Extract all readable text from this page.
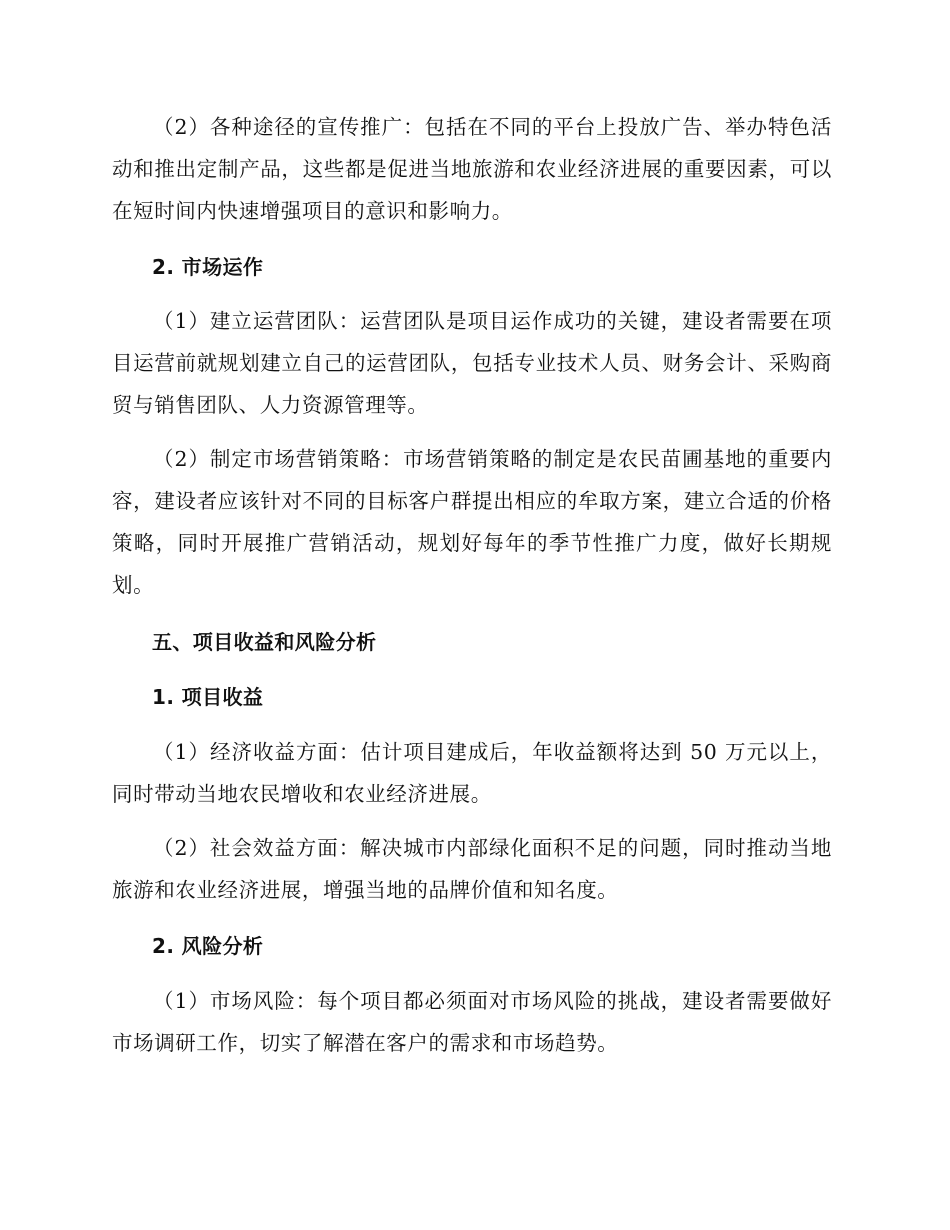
（2）各种途径的宣传推广：包括在不同的平台上投放广告、举办特色活动和推出定制产品，这些都是促进当地旅游和农业经济进展的重要因素，可以在短时间内快速增强项目的意识和影响力。

2. 市场运作

（1）建立运营团队：运营团队是项目运作成功的关键，建设者需要在项目运营前就规划建立自己的运营团队，包括专业技术人员、财务会计、采购商贸与销售团队、人力资源管理等。

（2）制定市场营销策略：市场营销策略的制定是农民苗圃基地的重要内容，建设者应该针对不同的目标客户群提出相应的牟取方案，建立合适的价格策略，同时开展推广营销活动，规划好每年的季节性推广力度，做好长期规划。

五、项目收益和风险分析

1. 项目收益

（1）经济收益方面：估计项目建成后，年收益额将达到 50 万元以上，同时带动当地农民增收和农业经济进展。

（2）社会效益方面：解决城市内部绿化面积不足的问题，同时推动当地旅游和农业经济进展，增强当地的品牌价值和知名度。

2. 风险分析

（1）市场风险：每个项目都必须面对市场风险的挑战，建设者需要做好市场调研工作，切实了解潜在客户的需求和市场趋势。
